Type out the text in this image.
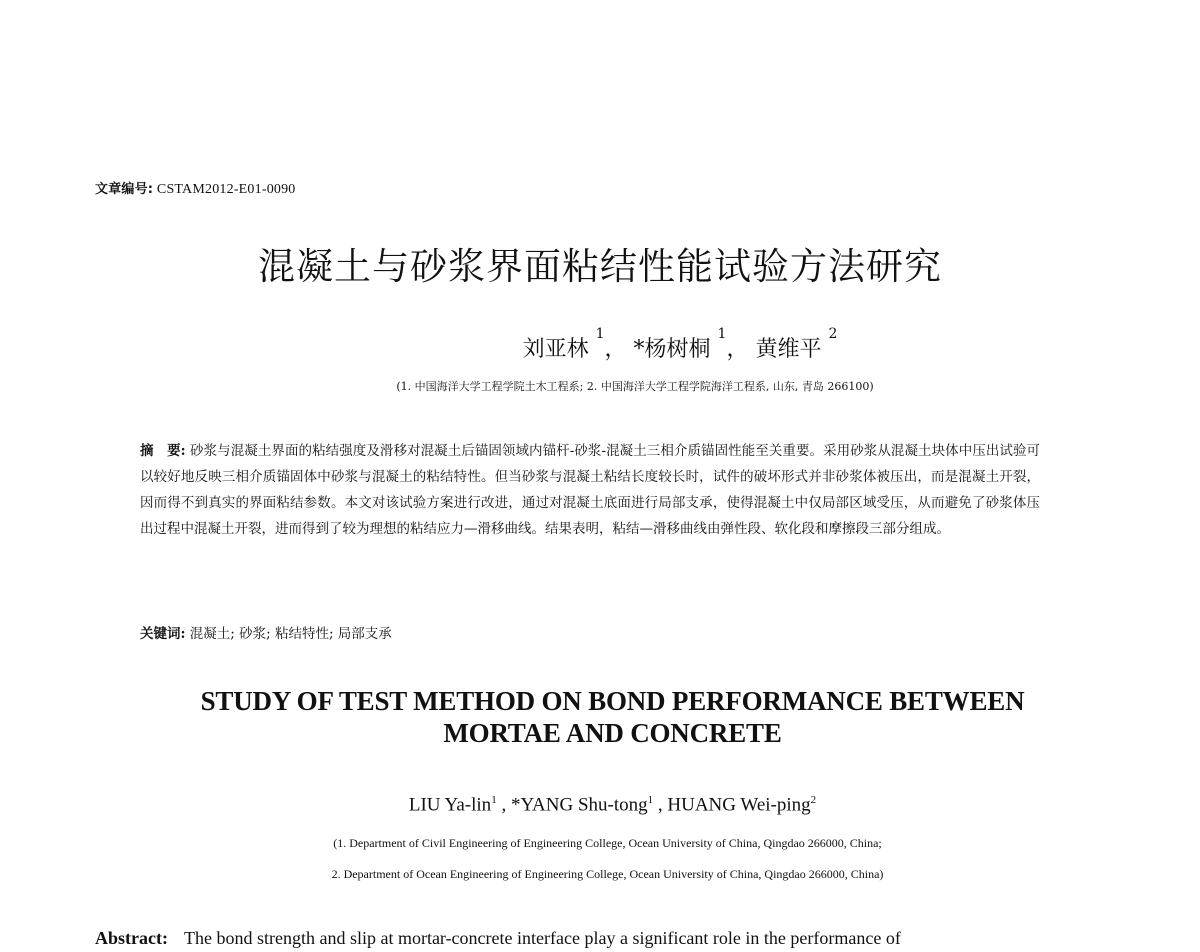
文章编号: CSTAM2012-E01-0090
混凝土与砂浆界面粘结性能试验方法研究
刘亚林 $^1$， *杨树桐 $^1$， 黄维平 $^2$
(1. 中国海洋大学工程学院土木工程系; 2. 中国海洋大学工程学院海洋工程系, 山东, 青岛 266100)
摘　要: 砂浆与混凝土界面的粘结强度及滑移对混凝土后锚固领域内锚杆-砂浆-混凝土三相介质锚固性能至关重要。采用砂浆从混凝土块体中压出试验可以较好地反映三相介质锚固体中砂浆与混凝土的粘结特性。但当砂浆与混凝土粘结长度较长时，试件的破坏形式并非砂浆体被压出，而是混凝土开裂，因而得不到真实的界面粘结参数。本文对该试验方案进行改进，通过对混凝土底面进行局部支承，使得混凝土中仅局部区域受压，从而避免了砂浆体压出过程中混凝土开裂，进而得到了较为理想的粘结应力—滑移曲线。结果表明，粘结—滑移曲线由弹性段、软化段和摩擦段三部分组成。
关键词: 混凝土; 砂浆; 粘结特性; 局部支承
STUDY OF TEST METHOD ON BOND PERFORMANCE BETWEEN
MORTAE AND CONCRETE
LIU Ya-lin$^1$ , *YANG Shu-tong$^1$ , HUANG Wei-ping$^2$
(1. Department of Civil Engineering of Engineering College, Ocean University of China, Qingdao 266000, China;
2. Department of Ocean Engineering of Engineering College, Ocean University of China, Qingdao 266000, China)
Abstract: The bond strength and slip at mortar-concrete interface play a significant role in the performance of
